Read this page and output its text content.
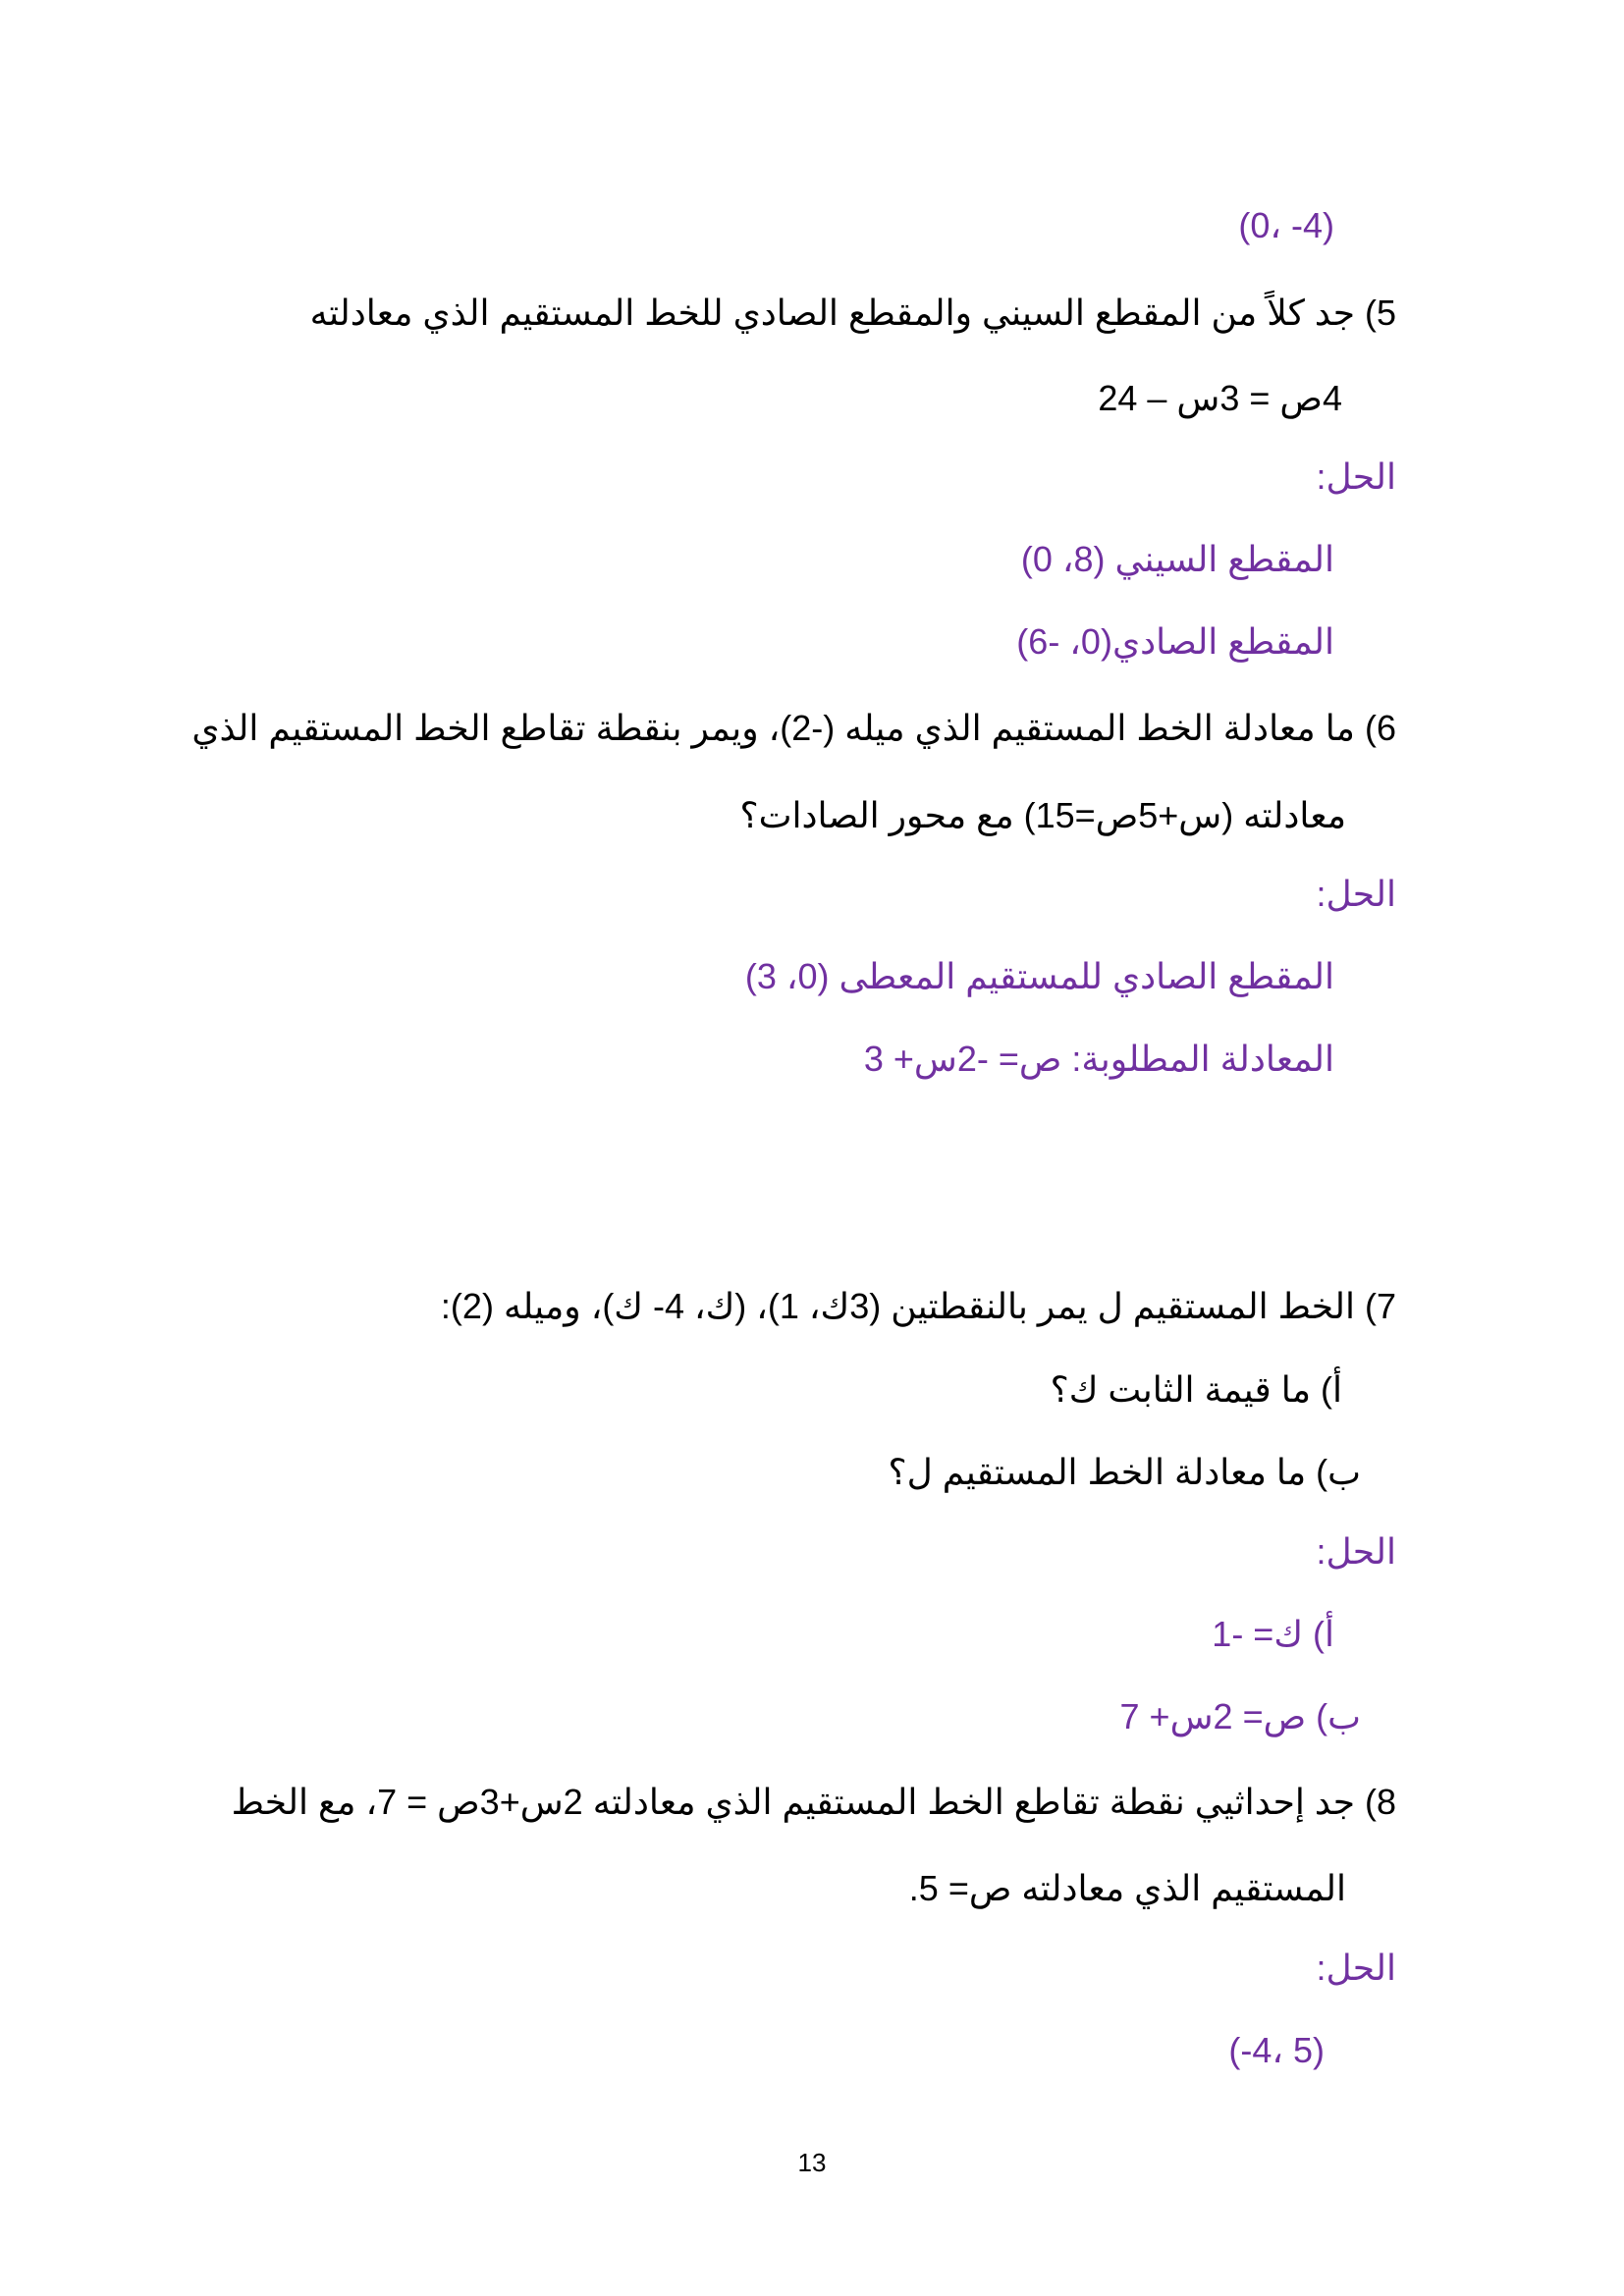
(0، -4)
5) جد كلاً من المقطع السيني والمقطع الصادي للخط المستقيم الذي معادلته
4ص = 3س – 24
الحل:
المقطع السيني (8، 0)
المقطع الصادي(0، -6)
6) ما معادلة الخط المستقيم الذي ميله (-2)، ويمر بنقطة تقاطع الخط المستقيم الذي
معادلته (س+5ص=15) مع محور الصادات؟
الحل:
المقطع الصادي للمستقيم المعطى (0، 3)
المعادلة المطلوبة: ص= -2س+ 3
7) الخط المستقيم ل يمر بالنقطتين (3ك، 1)، (ك، 4- ك)، وميله (2):
أ) ما قيمة الثابت ك؟
ب) ما معادلة الخط المستقيم ل؟
الحل:
أ) ك= -1
ب) ص= 2س+ 7
8) جد إحداثيي نقطة تقاطع الخط المستقيم الذي معادلته 2س+3ص = 7، مع الخط
المستقيم الذي معادلته ص= 5.
الحل:
(-4، 5)
13
